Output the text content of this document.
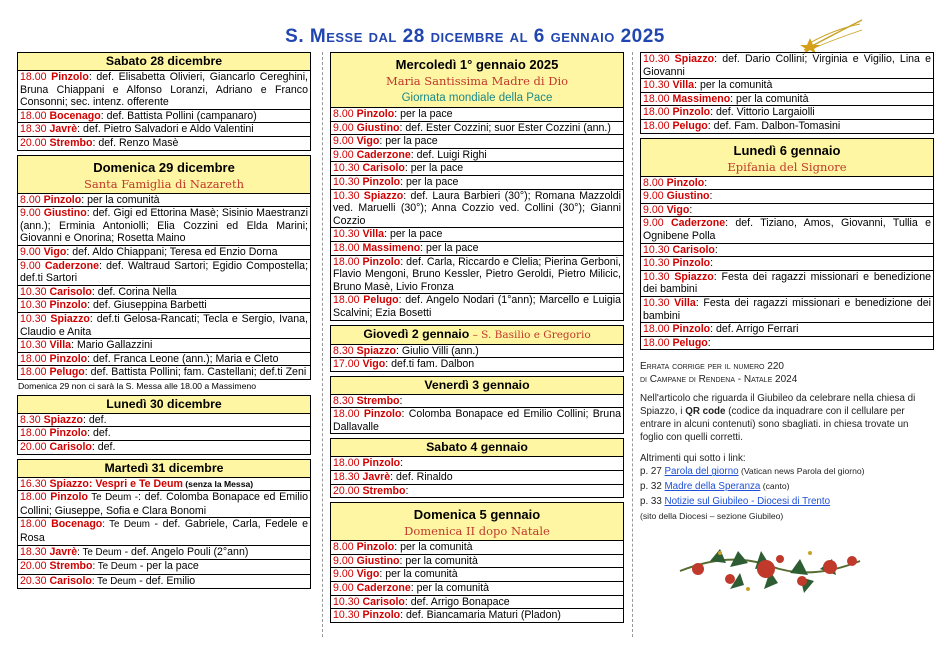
S. Messe dal 28 dicembre al 6 gennaio 2025
Sabato 28 dicembre
18.00 Pinzolo: def. Elisabetta Olivieri, Giancarlo Cereghini, Bruna Chiappani e Alfonso Loranzi, Adriano e Franco Consonni; sec. intenz. offerente
18.00 Bocenago: def. Battista Pollini (campanaro)
18.30 Javrè: def. Pietro Salvadori e Aldo Valentini
20.00 Strembo: def. Renzo Masè
Domenica 29 dicembre
Santa Famiglia di Nazareth
8.00 Pinzolo: per la comunità
9.00 Giustino: def. Gigi ed Ettorina Masè; Sisinio Maestranzi (ann.); Erminia Antoniolli; Elia Cozzini ed Elda Marini; Giovanni e Onorina; Rosetta Maino
9.00 Vigo: def. Aldo Chiappani; Teresa ed Enzio Dorna
9.00 Caderzone: def. Waltraud Sartori; Egidio Compostella; def.ti Sartori
10.30 Carisolo: def. Corina Nella
10.30 Pinzolo: def. Giuseppina Barbetti
10.30 Spiazzo: def.ti Gelosa-Rancati; Tecla e Sergio, Ivana, Claudio e Anita
10.30 Villa: Mario Gallazzini
18.00 Pinzolo: def. Franca Leone (ann.); Maria e Cleto
18.00 Pelugo: def. Battista Pollini; fam. Castellani; def.ti Zeni
Domenica 29 non ci sarà la S. Messa alle 18.00 a Massimeno
Lunedì 30 dicembre
8.30 Spiazzo: def.
18.00 Pinzolo: def.
20.00 Carisolo: def.
Martedì 31 dicembre
16.30 Spiazzo: Vespri e Te Deum (senza la Messa)
18.00 Pinzolo Te Deum -: def. Colomba Bonapace ed Emilio Collini; Giuseppe, Sofia e Clara Bonomi
18.00 Bocenago: Te Deum - def. Gabriele, Carla, Fedele e Rosa
18.30 Javrè: Te Deum - def. Angelo Pouli (2°ann)
20.00 Strembo: Te Deum - per la pace
20.30 Carisolo: Te Deum - def. Emilio
Mercoledì 1° gennaio 2025
Maria Santissima Madre di Dio
Giornata mondiale della Pace
8.00 Pinzolo: per la pace
9.00 Giustino: def. Ester Cozzini; suor Ester Cozzini (ann.)
9.00 Vigo: per la pace
9.00 Caderzone: def. Luigi Righi
10.30 Carisolo: per la pace
10.30 Pinzolo: per la pace
10.30 Spiazzo: def. Laura Barbieri (30°); Romana Mazzoldi ved. Maruelli (30°); Anna Cozzio ved. Collini (30°); Gianni Cozzio
10.30 Villa: per la pace
18.00 Massimeno: per la pace
18.00 Pinzolo: def. Carla, Riccardo e Clelia; Pierina Gerboni, Flavio Mengoni, Bruno Kessler, Pietro Geroldi, Pietro Milicic, Bruno Masè, Livio Fronza
18.00 Pelugo: def. Angelo Nodari (1°ann); Marcello e Luigia Scalvini; Ezia Bosetti
Giovedì 2 gennaio – S. Basilio e Gregorio
8.30 Spiazzo: Giulio Villi (ann.)
17.00 Vigo: def.ti fam. Dalbon
Venerdì 3 gennaio
8.30 Strembo:
18.00 Pinzolo: Colomba Bonapace ed Emilio Collini; Bruna Dallavalle
Sabato 4 gennaio
18.00 Pinzolo:
18.30 Javrè: def. Rinaldo
20.00 Strembo:
Domenica 5 gennaio
Domenica II dopo Natale
8.00 Pinzolo: per la comunità
9.00 Giustino: per la comunità
9.00 Vigo: per la comunità
9.00 Caderzone: per la comunità
10.30 Carisolo: def. Arrigo Bonapace
10.30 Pinzolo: def. Biancamaria Maturi (Pladon)
10.30 Spiazzo: def. Dario Collini; Virginia e Vigilio, Lina e Giovanni
10.30 Villa: per la comunità
18.00 Massimeno: per la comunità
18.00 Pinzolo: def. Vittorio Largaiolli
18.00 Pelugo: def. Fam. Dalbon-Tomasini
Lunedì 6 gennaio
Epifania del Signore
8.00 Pinzolo:
9.00 Giustino:
9.00 Vigo:
9.00 Caderzone: def. Tiziano, Amos, Giovanni, Tullia e Ognibene Polla
10.30 Carisolo:
10.30 Pinzolo:
10.30 Spiazzo: Festa dei ragazzi missionari e benedizione dei bambini
10.30 Villa: Festa dei ragazzi missionari e benedizione dei bambini
18.00 Pinzolo: def. Arrigo Ferrari
18.00 Pelugo:
Errata corrige per il numero 220
di Campane di Rendena - Natale 2024
Nell'articolo che riguarda il Giubileo da celebrare nella chiesa di Spiazzo, i QR code (codice da inquadrare con il cellulare per entrare in alcuni contenuti) sono sbagliati. in chiesa trovate un foglio con quelli corretti.
Altrimenti qui sotto i link:
p. 27 Parola del giorno (Vatican news Parola del giorno)
p. 32 Madre della Speranza (canto)
p. 33 Notizie sul Giubileo - Diocesi di Trento
(sito della Diocesi – sezione Giubileo)
